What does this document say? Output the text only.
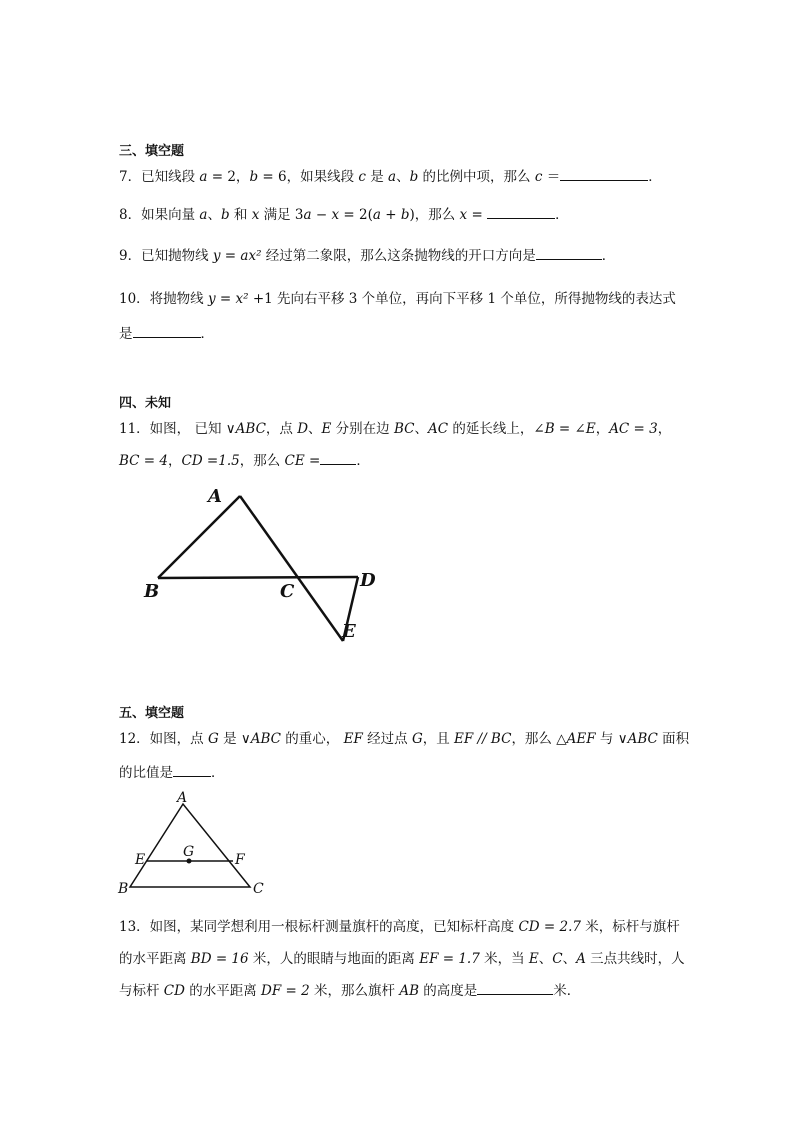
三、填空题
7．已知线段 a = 2，b = 6，如果线段 c 是 a、b 的比例中项，那么 c ＝	．
8．如果向量 a、b 和 x 满足 3a − x = 2(a + b)，那么 x =	．
9．已知抛物线 y = ax² 经过第二象限，那么这条抛物线的开口方向是	．
10．将抛物线 y = x² +1 先向右平移 3 个单位，再向下平移 1 个单位，所得抛物线的表达式
是	．
四、未知
11．如图， 已知 ∨ABC，点 D、E 分别在边 BC、AC 的延长线上，∠B = ∠E，AC = 3，
BC = 4，CD =1.5，那么 CE =	．
A
B	C
D
E
五、填空题
12．如图，点 G 是 ∨ABC 的重心， EF 经过点 G，且 EF // BC，那么 △AEF 与 ∨ABC 面积
的比值是	．
A
B	C
E	F
G
13．如图，某同学想利用一根标杆测量旗杆的高度，已知标杆高度 CD = 2.7 米，标杆与旗杆
的水平距离 BD = 16 米，人的眼睛与地面的距离 EF = 1.7 米，当 E、C、A 三点共线时，人
与标杆 CD 的水平距离 DF = 2 米，那么旗杆 AB 的高度是	米．
